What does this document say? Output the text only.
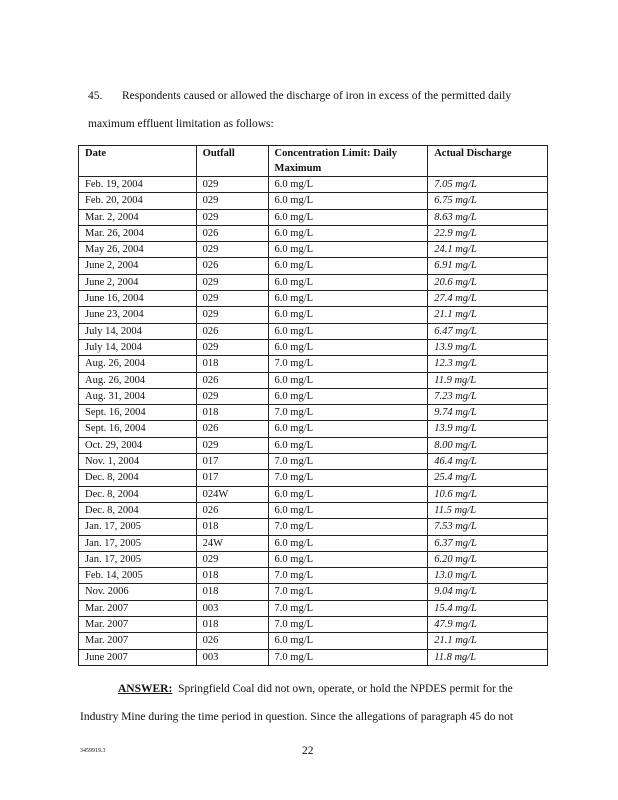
45. Respondents caused or allowed the discharge of iron in excess of the permitted daily
maximum effluent limitation as follows:
Date	Outfall	Concentration Limit: Daily Maximum	Actual Discharge
Feb. 19, 2004	029	6.0 mg/L	7.05 mg/L
Feb. 20, 2004	029	6.0 mg/L	6.75 mg/L
Mar. 2, 2004	029	6.0 mg/L	8.63 mg/L
Mar. 26, 2004	026	6.0 mg/L	22.9 mg/L
May 26, 2004	029	6.0 mg/L	24.1 mg/L
June 2, 2004	026	6.0 mg/L	6.91 mg/L
June 2, 2004	029	6.0 mg/L	20.6 mg/L
June 16, 2004	029	6.0 mg/L	27.4 mg/L
June 23, 2004	029	6.0 mg/L	21.1 mg/L
July 14, 2004	026	6.0 mg/L	6.47 mg/L
July 14, 2004	029	6.0 mg/L	13.9 mg/L
Aug. 26, 2004	018	7.0 mg/L	12.3 mg/L
Aug. 26, 2004	026	6.0 mg/L	11.9 mg/L
Aug. 31, 2004	029	6.0 mg/L	7.23 mg/L
Sept. 16, 2004	018	7.0 mg/L	9.74 mg/L
Sept. 16, 2004	026	6.0 mg/L	13.9 mg/L
Oct. 29, 2004	029	6.0 mg/L	8.00 mg/L
Nov. 1, 2004	017	7.0 mg/L	46.4 mg/L
Dec. 8, 2004	017	7.0 mg/L	25.4 mg/L
Dec. 8, 2004	024W	6.0 mg/L	10.6 mg/L
Dec. 8, 2004	026	6.0 mg/L	11.5 mg/L
Jan. 17, 2005	018	7.0 mg/L	7.53 mg/L
Jan. 17, 2005	24W	6.0 mg/L	6.37 mg/L
Jan. 17, 2005	029	6.0 mg/L	6.20 mg/L
Feb. 14, 2005	018	7.0 mg/L	13.0 mg/L
Nov. 2006	018	7.0 mg/L	9.04 mg/L
Mar. 2007	003	7.0 mg/L	15.4 mg/L
Mar. 2007	018	7.0 mg/L	47.9 mg/L
Mar. 2007	026	6.0 mg/L	21.1 mg/L
June 2007	003	7.0 mg/L	11.8 mg/L
ANSWER: Springfield Coal did not own, operate, or hold the NPDES permit for the
Industry Mine during the time period in question. Since the allegations of paragraph 45 do not
3459919.3	22
